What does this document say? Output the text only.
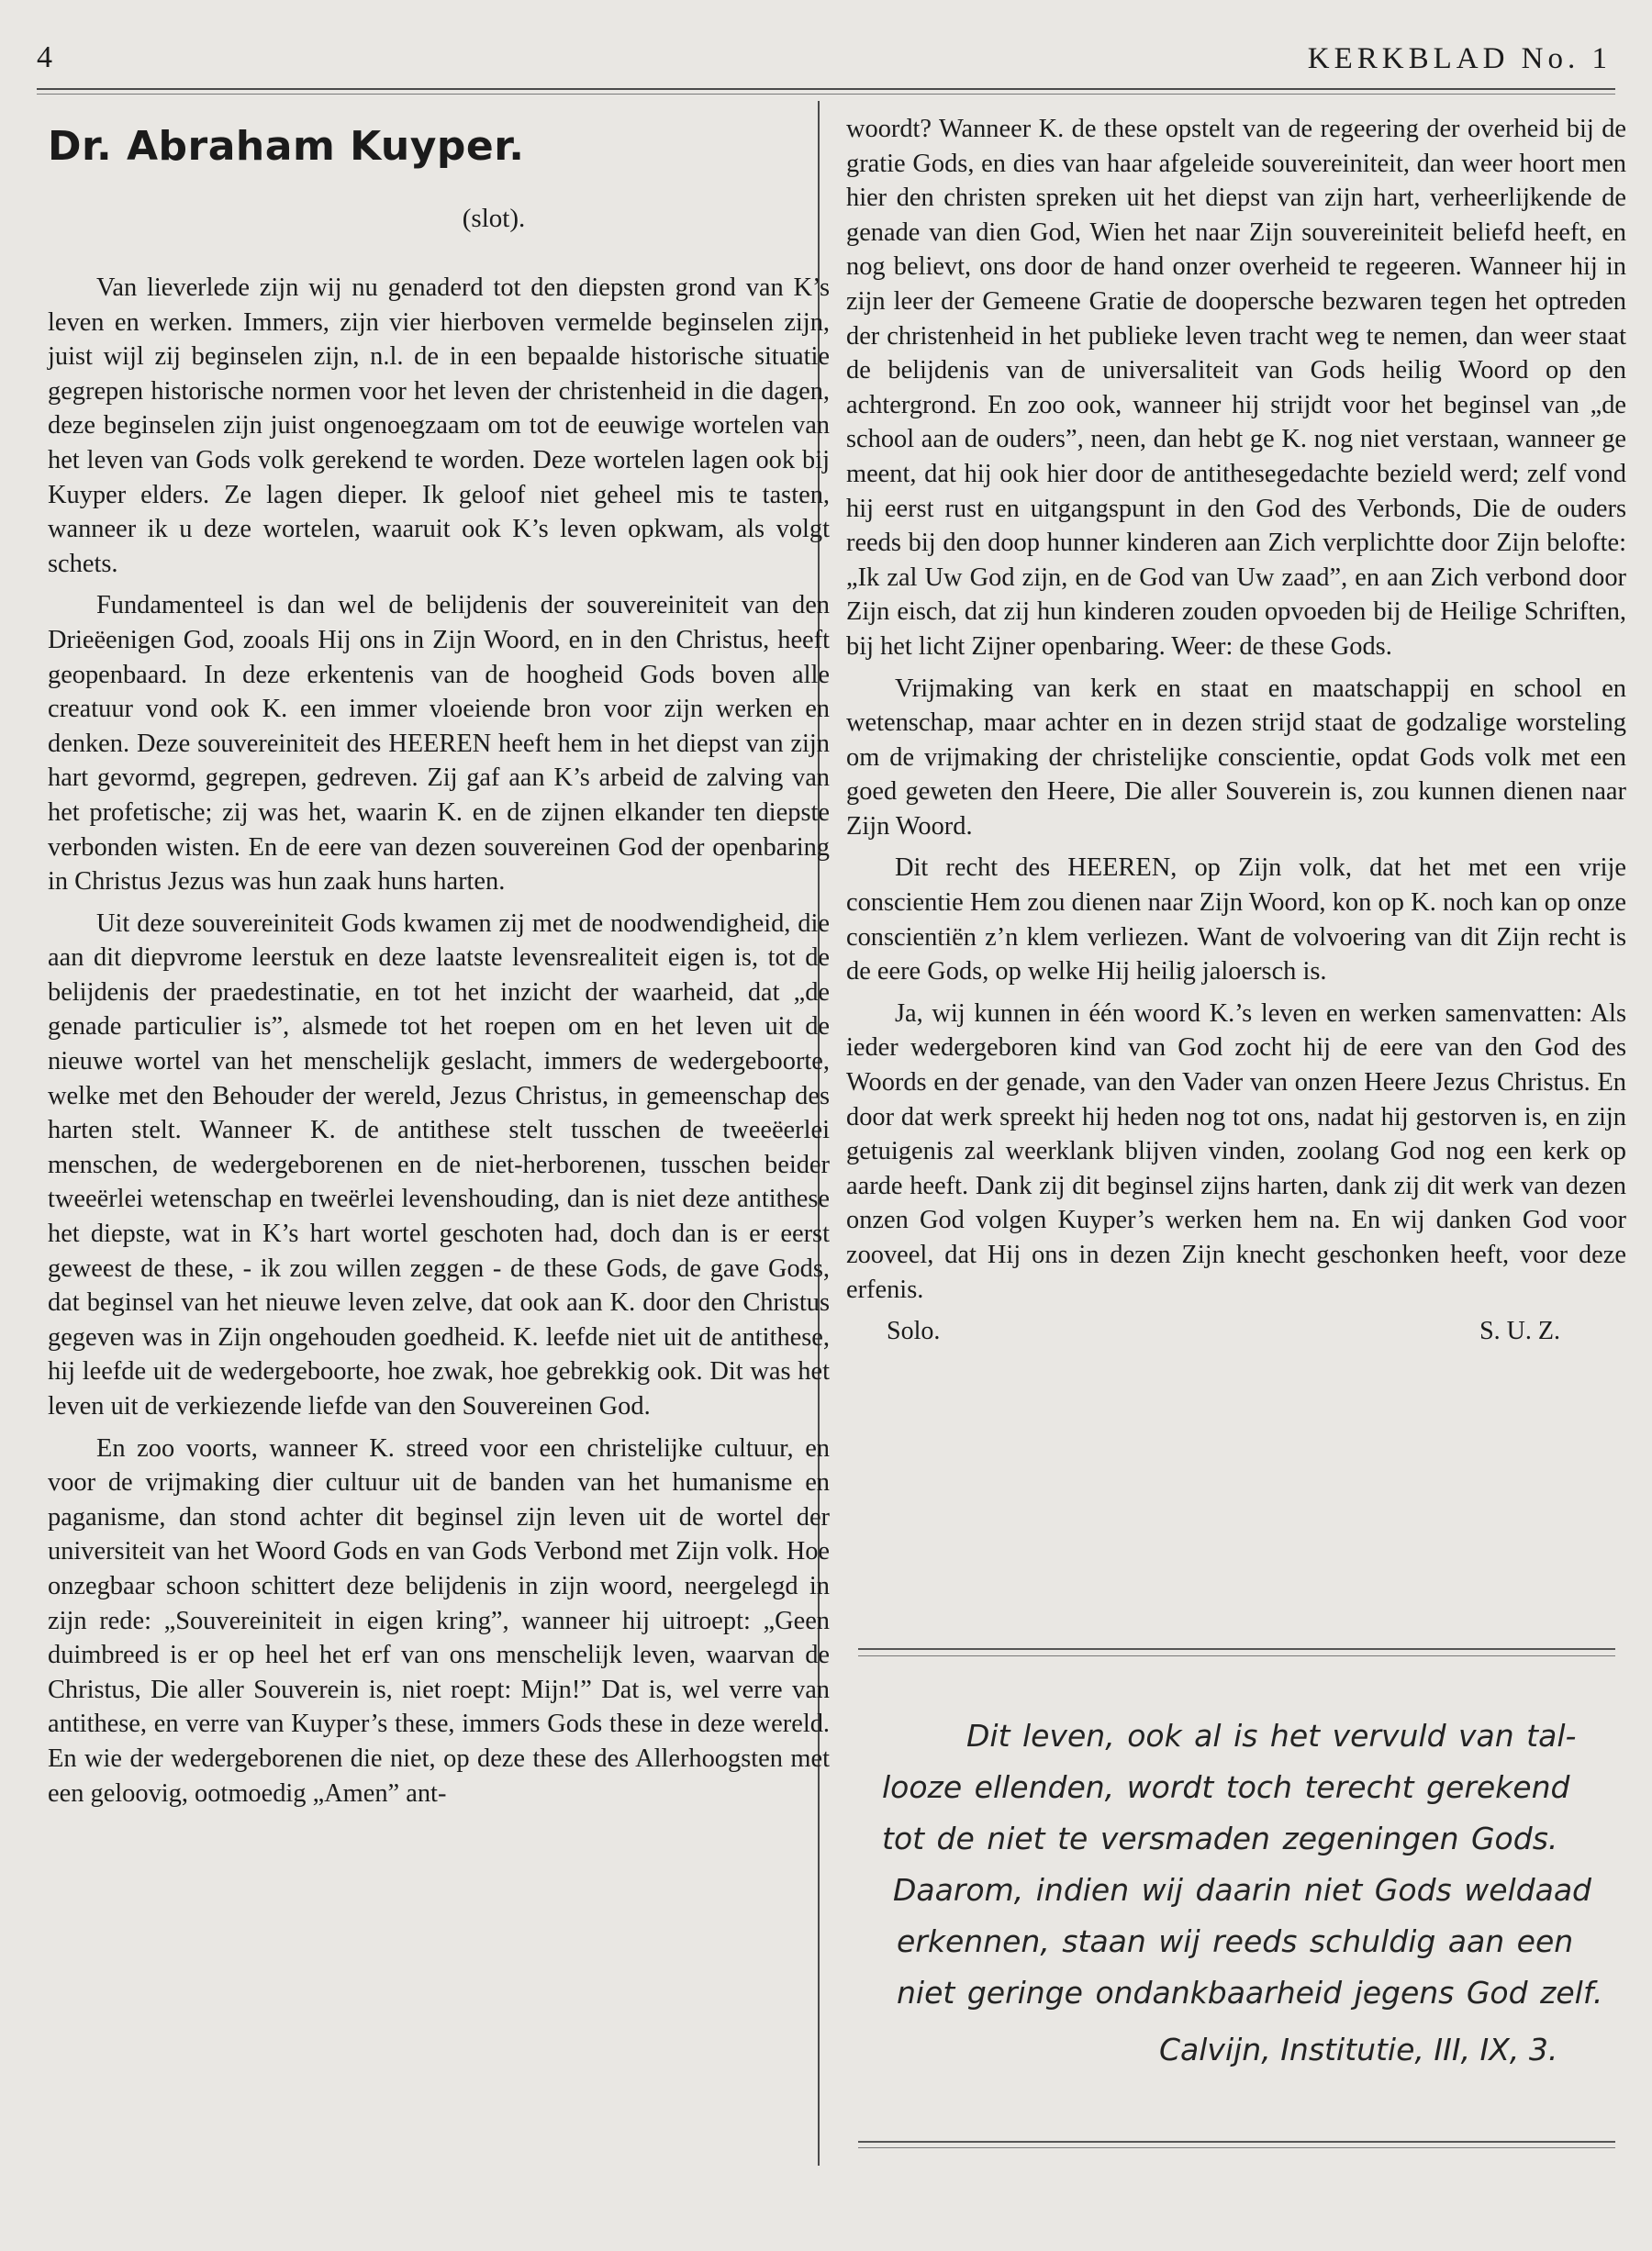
4	KERKBLAD No. 1
Dr. Abraham Kuyper.
(slot).

Van lieverlede zijn wij nu genaderd tot den diepsten grond van K’s leven en werken. Immers, zijn vier hierboven vermelde beginselen zijn, juist wijl zij beginselen zijn, n.l. de in een bepaalde historische situatie gegrepen historische normen voor het leven der christenheid in die dagen, deze beginselen zijn juist ongenoegzaam om tot de eeuwige wortelen van het leven van Gods volk gerekend te worden. Deze wortelen lagen ook bij Kuyper elders. Ze lagen dieper. Ik geloof niet geheel mis te tasten, wanneer ik u deze wortelen, waaruit ook K’s leven opkwam, als volgt schets.

Fundamenteel is dan wel de belijdenis der souvereiniteit van den Drieëenigen God, zooals Hij ons in Zijn Woord, en in den Christus, heeft geopenbaard. In deze erkentenis van de hoogheid Gods boven alle creatuur vond ook K. een immer vloeiende bron voor zijn werken en denken. Deze souvereiniteit des HEEREN heeft hem in het diepst van zijn hart gevormd, gegrepen, gedreven. Zij gaf aan K’s arbeid de zalving van het profetische; zij was het, waarin K. en de zijnen elkander ten diepste verbonden wisten. En de eere van dezen souvereinen God der openbaring in Christus Jezus was hun zaak huns harten.

Uit deze souvereiniteit Gods kwamen zij met de noodwendigheid, die aan dit diepvrome leerstuk en deze laatste levensrealiteit eigen is, tot de belijdenis der praedestinatie, en tot het inzicht der waarheid, dat „de genade particulier is”, alsmede tot het roepen om en het leven uit de nieuwe wortel van het menschelijk geslacht, immers de wedergeboorte, welke met den Behouder der wereld, Jezus Christus, in gemeenschap des harten stelt. Wanneer K. de antithese stelt tusschen de tweeëerlei menschen, de wedergeborenen en de niet-herborenen, tusschen beider tweeërlei wetenschap en tweërlei levenshouding, dan is niet deze antithese het diepste, wat in K’s hart wortel geschoten had, doch dan is er eerst geweest de these, - ik zou willen zeggen - de these Gods, de gave Gods, dat beginsel van het nieuwe leven zelve, dat ook aan K. door den Christus gegeven was in Zijn ongehouden goedheid. K. leefde niet uit de antithese, hij leefde uit de wedergeboorte, hoe zwak, hoe gebrekkig ook. Dit was het leven uit de verkiezende liefde van den Souvereinen God.

En zoo voorts, wanneer K. streed voor een christelijke cultuur, en voor de vrijmaking dier cultuur uit de banden van het humanisme en paganisme, dan stond achter dit beginsel zijn leven uit de wortel der universiteit van het Woord Gods en van Gods Verbond met Zijn volk. Hoe onzegbaar schoon schittert deze belijdenis in zijn woord, neergelegd in zijn rede: „Souvereiniteit in eigen kring”, wanneer hij uitroept: „Geen duimbreed is er op heel het erf van ons menschelijk leven, waarvan de Christus, Die aller Souverein is, niet roept: Mijn!” Dat is, wel verre van antithese, en verre van Kuyper’s these, immers Gods these in deze wereld. En wie der wedergeborenen die niet, op deze these des Allerhoogsten met een geloovig, ootmoedig „Amen” ant-

woordt? Wanneer K. de these opstelt van de regeering der overheid bij de gratie Gods, en dies van haar afgeleide souvereiniteit, dan weer hoort men hier den christen spreken uit het diepst van zijn hart, verheerlijkende de genade van dien God, Wien het naar Zijn souvereiniteit beliefd heeft, en nog believt, ons door de hand onzer overheid te regeeren. Wanneer hij in zijn leer der Gemeene Gratie de doopersche bezwaren tegen het optreden der christenheid in het publieke leven tracht weg te nemen, dan weer staat de belijdenis van de universaliteit van Gods heilig Woord op den achtergrond. En zoo ook, wanneer hij strijdt voor het beginsel van „de school aan de ouders”, neen, dan hebt ge K. nog niet verstaan, wanneer ge meent, dat hij ook hier door de antithesegedachte bezield werd; zelf vond hij eerst rust en uitgangspunt in den God des Verbonds, Die de ouders reeds bij den doop hunner kinderen aan Zich verplichtte door Zijn belofte: „Ik zal Uw God zijn, en de God van Uw zaad”, en aan Zich verbond door Zijn eisch, dat zij hun kinderen zouden opvoeden bij de Heilige Schriften, bij het licht Zijner openbaring. Weer: de these Gods.

Vrijmaking van kerk en staat en maatschappij en school en wetenschap, maar achter en in dezen strijd staat de godzalige worsteling om de vrijmaking der christelijke conscientie, opdat Gods volk met een goed geweten den Heere, Die aller Souverein is, zou kunnen dienen naar Zijn Woord.

Dit recht des HEEREN, op Zijn volk, dat het met een vrije conscientie Hem zou dienen naar Zijn Woord, kon op K. noch kan op onze conscientiën z’n klem verliezen. Want de volvoering van dit Zijn recht is de eere Gods, op welke Hij heilig jaloersch is.

Ja, wij kunnen in één woord K.’s leven en werken samenvatten: Als ieder wedergeboren kind van God zocht hij de eere van den God des Woords en der genade, van den Vader van onzen Heere Jezus Christus. En door dat werk spreekt hij heden nog tot ons, nadat hij gestorven is, en zijn getuigenis zal weerklank blijven vinden, zoolang God nog een kerk op aarde heeft. Dank zij dit beginsel zijns harten, dank zij dit werk van dezen onzen God volgen Kuyper’s werken hem na. En wij danken God voor zooveel, dat Hij ons in dezen Zijn knecht geschonken heeft, voor deze erfenis.

Solo.	S. U. Z.
Dit leven, ook al is het vervuld van tal-
looze ellenden, wordt toch terecht gerekend
tot de niet te versmaden zegeningen Gods.
Daarom, indien wij daarin niet Gods weldaad
erkennen, staan wij reeds schuldig aan een
niet geringe ondankbaarheid jegens God zelf.
Calvijn, Institutie, III, IX, 3.
